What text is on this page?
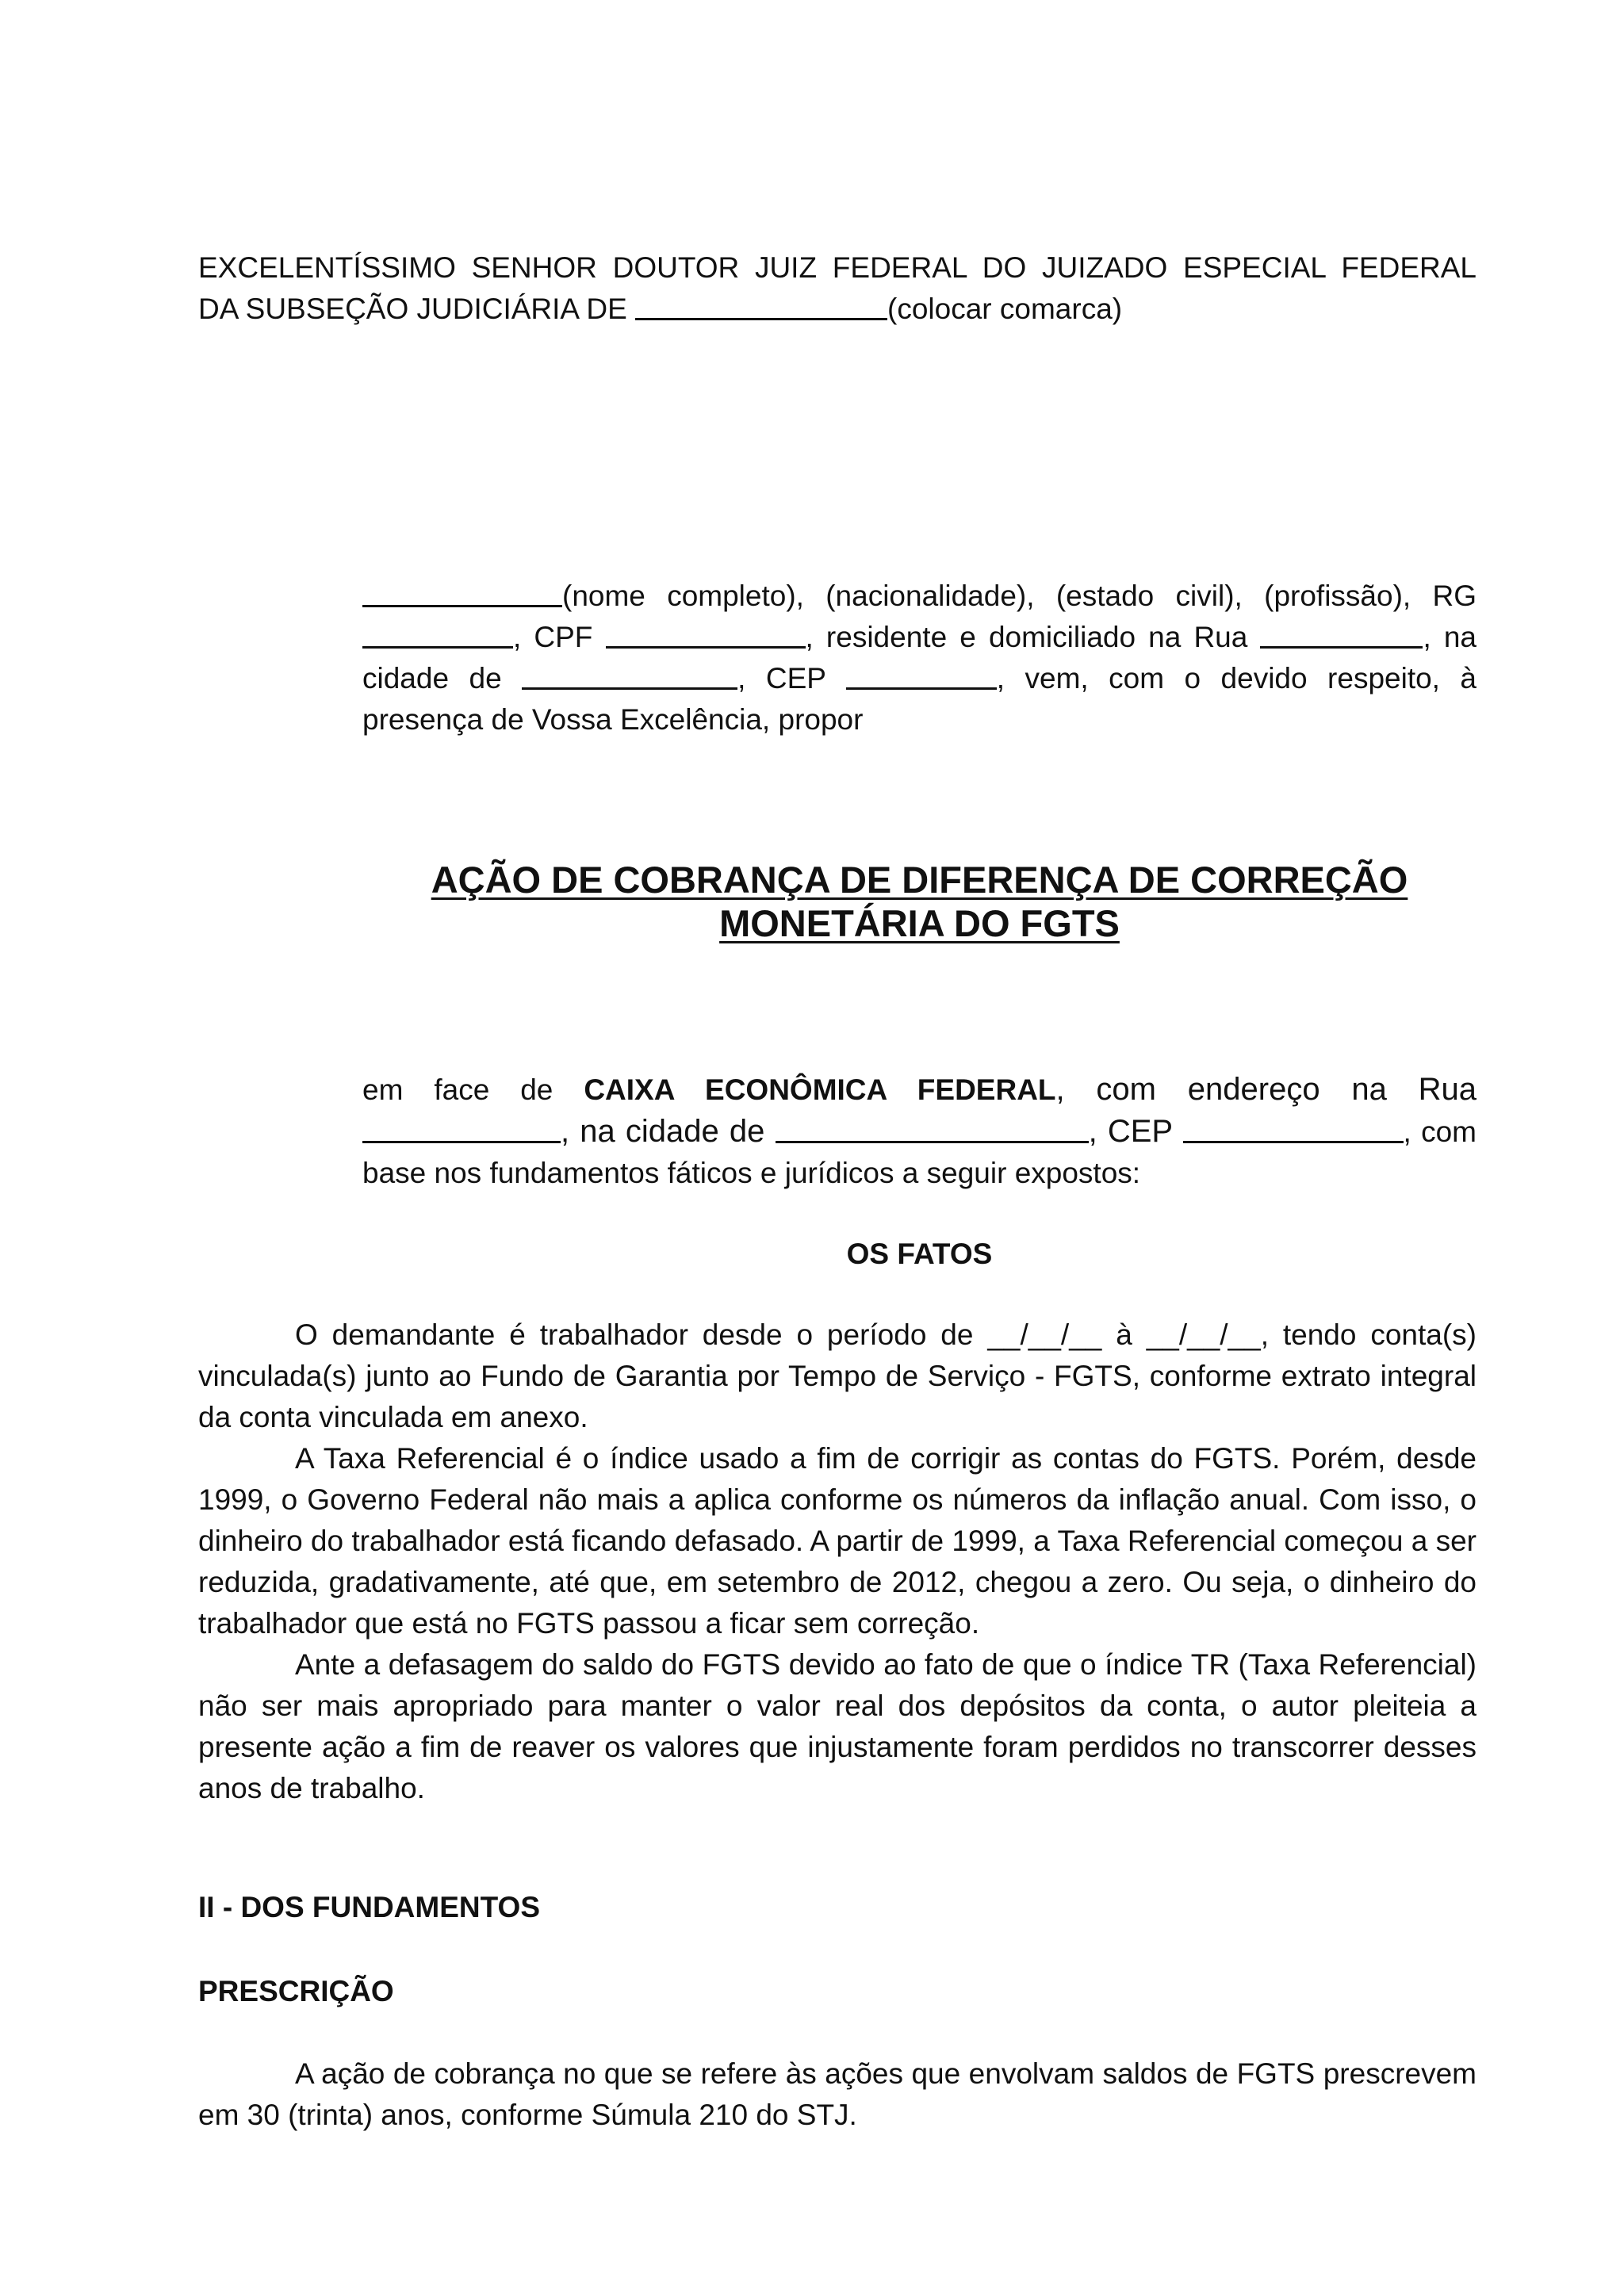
EXCELENTÍSSIMO SENHOR DOUTOR JUIZ FEDERAL DO JUIZADO ESPECIAL FEDERAL
DA SUBSEÇÃO JUDICIÁRIA DE	(colocar comarca)
(nome completo), (nacionalidade), (estado civil), (profissão), RG , CPF	, residente e domiciliado na Rua	, na cidade de	, CEP	, vem, com o devido respeito, à presença de Vossa Excelência, propor
AÇÃO DE COBRANÇA DE DIFERENÇA DE CORREÇÃO
MONETÁRIA DO FGTS
em face de CAIXA ECONÔMICA FEDERAL, com endereço na Rua , na cidade de	, CEP	, com base nos fundamentos fáticos e jurídicos a seguir expostos:
OS FATOS

O demandante é trabalhador desde o período de __/__/__ à __/__/__, tendo conta(s) vinculada(s) junto ao Fundo de Garantia por Tempo de Serviço - FGTS, conforme extrato integral da conta vinculada em anexo.

A Taxa Referencial é o índice usado a fim de corrigir as contas do FGTS. Porém, desde 1999, o Governo Federal não mais a aplica conforme os números da inflação anual. Com isso, o dinheiro do trabalhador está ficando defasado. A partir de 1999, a Taxa Referencial começou a ser reduzida, gradativamente, até que, em setembro de 2012, chegou a zero. Ou seja, o dinheiro do trabalhador que está no FGTS passou a ficar sem correção.

Ante a defasagem do saldo do FGTS devido ao fato de que o índice TR (Taxa Referencial) não ser mais apropriado para manter o valor real dos depósitos da conta, o autor pleiteia a presente ação a fim de reaver os valores que injustamente foram perdidos no transcorrer desses anos de trabalho.

II - DOS FUNDAMENTOS
PRESCRIÇÃO

A ação de cobrança no que se refere às ações que envolvam saldos de FGTS prescrevem em 30 (trinta) anos, conforme Súmula 210 do STJ.
